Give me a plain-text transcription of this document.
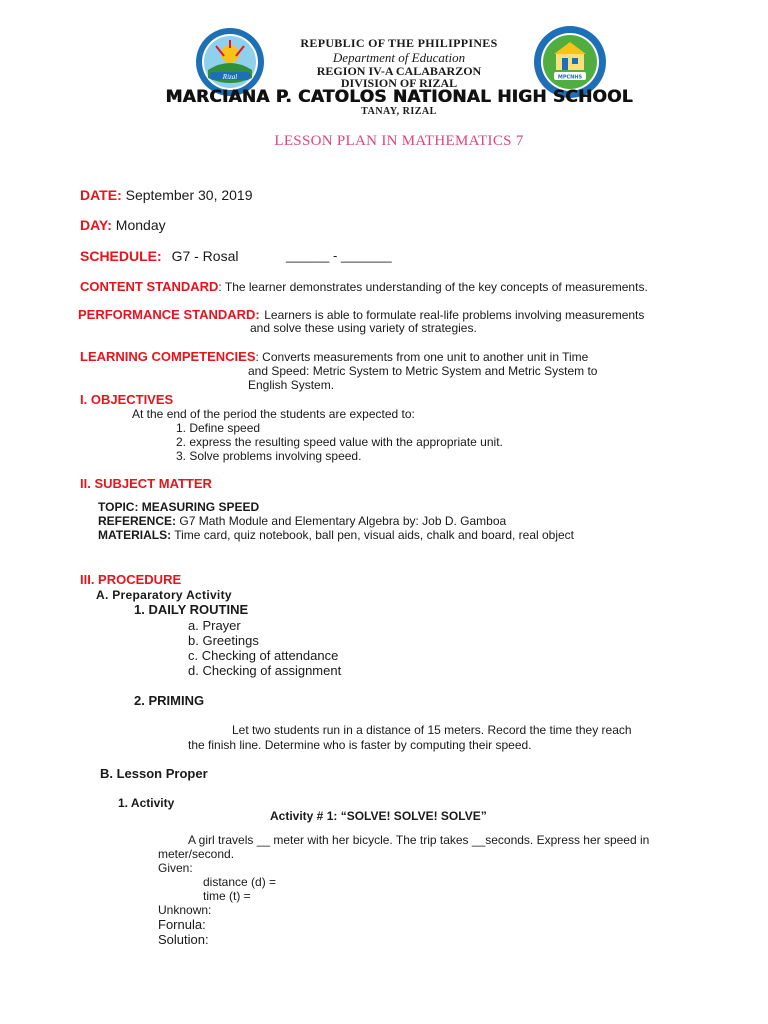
Rizal	MPCNHS
REPUBLIC OF THE PHILIPPINES
Department of Education
REGION IV-A CALABARZON
DIVISION OF RIZAL
MARCIANA P. CATOLOS NATIONAL HIGH SCHOOL
TANAY, RIZAL
LESSON PLAN IN MATHEMATICS 7
DATE: September 30, 2019
DAY: Monday
SCHEDULE: G7 - Rosal	______ - _______
CONTENT STANDARD: The learner demonstrates understanding of the key concepts of measurements.
PERFORMANCE STANDARD: Learners is able to formulate real-life problems involving measurements
and solve these using variety of strategies.
LEARNING COMPETENCIES: Converts measurements from one unit to another unit in Time
and Speed: Metric System to Metric System and Metric System to
English System.
I. OBJECTIVES
At the end of the period the students are expected to:
1. Define speed
2. express the resulting speed value with the appropriate unit.
3. Solve problems involving speed.
II. SUBJECT MATTER
TOPIC: MEASURING SPEED
REFERENCE: G7 Math Module and Elementary Algebra by: Job D. Gamboa
MATERIALS: Time card, quiz notebook, ball pen, visual aids, chalk and board, real object
III. PROCEDURE
A. Preparatory Activity
1. DAILY ROUTINE
a. Prayer
b. Greetings
c. Checking of attendance
d. Checking of assignment
2. PRIMING
Let two students run in a distance of 15 meters. Record the time they reach
the finish line. Determine who is faster by computing their speed.
B. Lesson Proper
1. Activity
Activity # 1: “SOLVE! SOLVE! SOLVE”
A girl travels __ meter with her bicycle. The trip takes __seconds. Express her speed in
meter/second.
Given:
distance (d) =
time (t) =
Unknown:
Fornula:
Solution:
